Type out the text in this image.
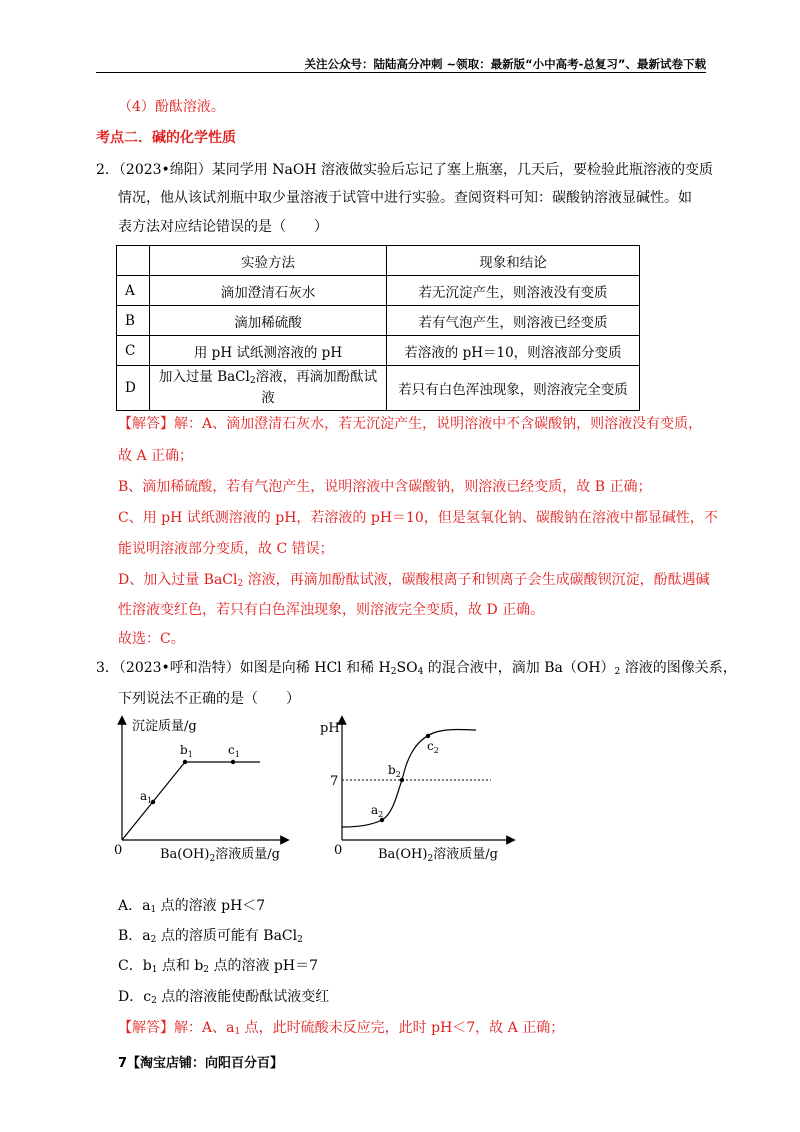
关注公众号：陆陆高分冲刺 ~领取：最新版“小中高考-总复习”、最新试卷下载
（4）酚酞溶液。
考点二．碱的化学性质
2．（2023•绵阳）某同学用 NaOH 溶液做实验后忘记了塞上瓶塞，几天后，要检验此瓶溶液的变质
情况，他从该试剂瓶中取少量溶液于试管中进行实验。查阅资料可知：碳酸钠溶液显碱性。如
表方法对应结论错误的是（　　）
	实验方法	现象和结论
A	滴加澄清石灰水	若无沉淀产生，则溶液没有变质
B	滴加稀硫酸	若有气泡产生，则溶液已经变质
C	用 pH 试纸测溶液的 pH	若溶液的 pH＝10，则溶液部分变质
D	加入过量 BaCl$_2$溶液，再滴加酚酞试
液	若只有白色浑浊现象，则溶液完全变质
【解答】解：A、滴加澄清石灰水，若无沉淀产生，说明溶液中不含碳酸钠，则溶液没有变质，
故 A 正确；
B、滴加稀硫酸，若有气泡产生，说明溶液中含碳酸钠，则溶液已经变质，故 B 正确；
C、用 pH 试纸测溶液的 pH，若溶液的 pH＝10，但是氢氧化钠、碳酸钠在溶液中都显碱性，不
能说明溶液部分变质，故 C 错误；
D、加入过量 BaCl$_2$ 溶液，再滴加酚酞试液，碳酸根离子和钡离子会生成碳酸钡沉淀，酚酞遇碱
性溶液变红色，若只有白色浑浊现象，则溶液完全变质，故 D 正确。
故选：C。
3．（2023•呼和浩特）如图是向稀 HCl 和稀 $H_2SO_4$ 的混合液中，滴加 $Ba(OH)_2$ 溶液的图像关系，
下列说法不正确的是（　　）
沉淀质量/g
0
$a_1$
$b_1$	$c_1$
$Ba(OH)_2$溶液质量/g
pH
7
0
$a_2$
$b_2$
$c_2$
$Ba(OH)_2$溶液质量/g
A．$a_1$ 点的溶液 pH＜7
B．$a_2$ 点的溶质可能有 BaCl$_2$
C．$b_1$ 点和 $b_2$ 点的溶液 pH＝7
D．$c_2$ 点的溶液能使酚酞试液变红
【解答】解：A、$a_1$ 点，此时硫酸未反应完，此时 pH＜7，故 A 正确；
7【淘宝店铺：向阳百分百】
